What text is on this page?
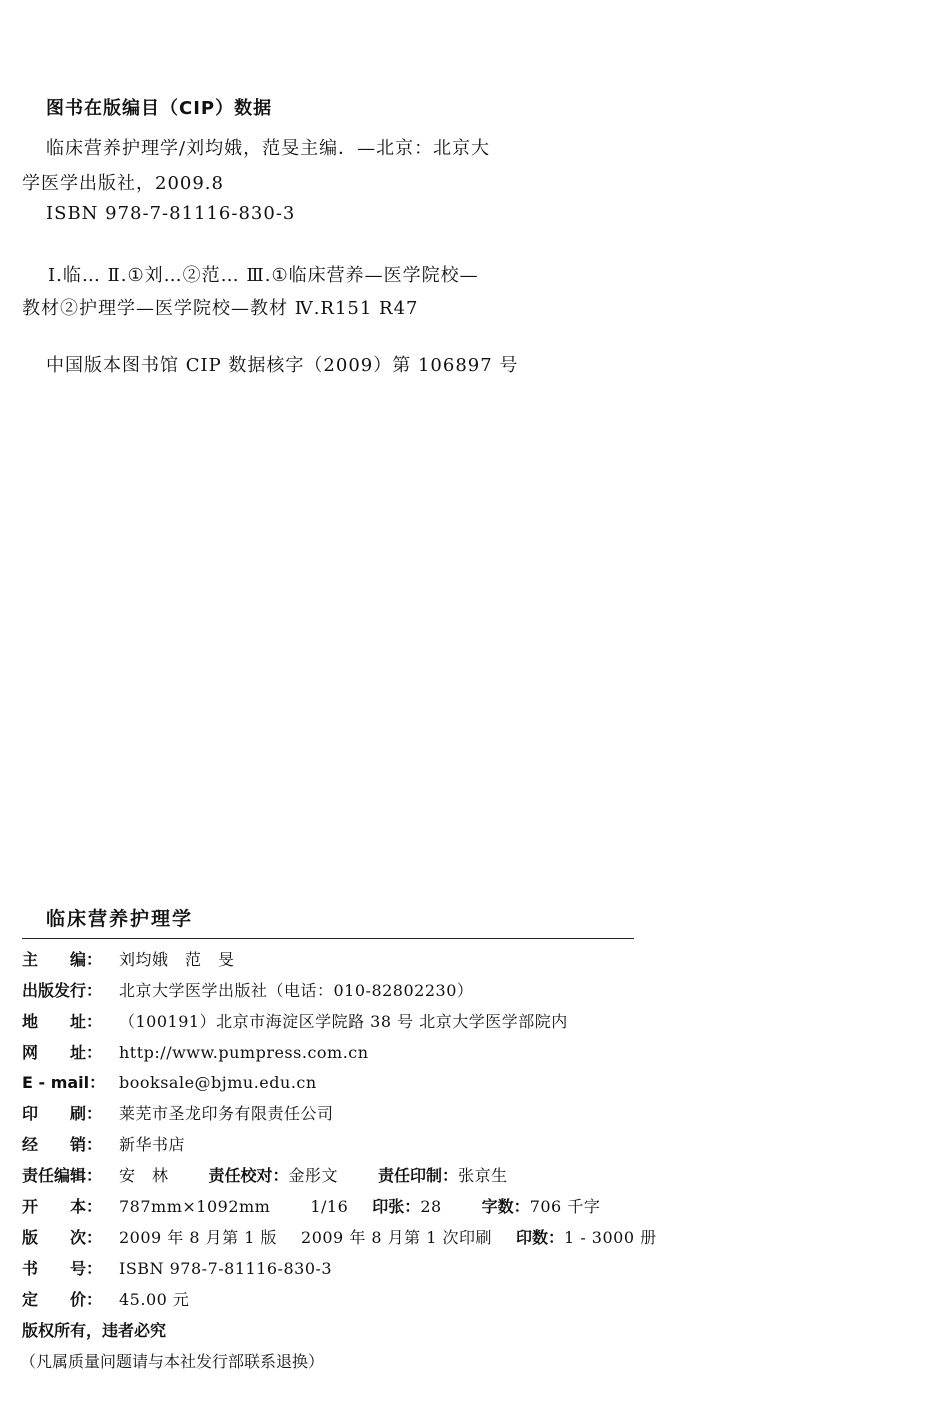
图书在版编目（CIP）数据
临床营养护理学/刘均娥，范旻主编．—北京：北京大
学医学出版社，2009.8
ISBN 978-7-81116-830-3
Ⅰ.临… Ⅱ.①刘…②范… Ⅲ.①临床营养—医学院校—
教材②护理学—医学院校—教材 Ⅳ.R151 R47
中国版本图书馆 CIP 数据核字（2009）第 106897 号
临床营养护理学
主　　编： 刘均娥　范　旻
出版发行： 北京大学医学出版社（电话：010-82802230）
地　　址： （100191）北京市海淀区学院路 38 号 北京大学医学部院内
网　　址： http://www.pumpress.com.cn
E - mail： booksale@bjmu.edu.cn
印　　刷： 莱芜市圣龙印务有限责任公司
经　　销： 新华书店
责任编辑： 安　林	责任校对：金彤文	责任印制：张京生
开　　本： 787mm×1092mm	1/16 印张：28	字数：706 千字
版　　次： 2009 年 8 月第 1 版 2009 年 8 月第 1 次印刷 印数：1 - 3000 册
书　　号： ISBN 978-7-81116-830-3
定　　价： 45.00 元
版权所有，违者必究
（凡属质量问题请与本社发行部联系退换）
